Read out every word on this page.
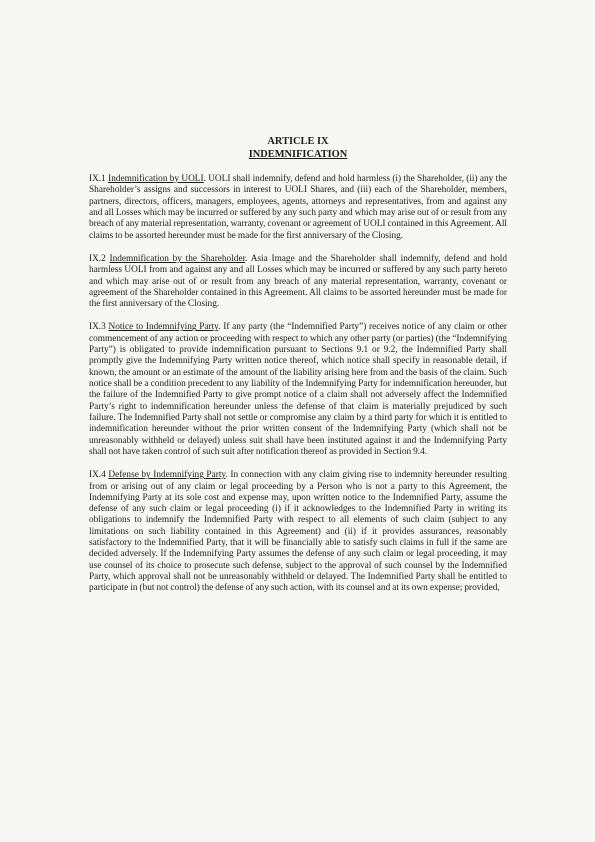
ARTICLE IX
INDEMNIFICATION

IX.1 Indemnification by UOLI. UOLI shall indemnify, defend and hold harmless (i) the Shareholder, (ii) any the Shareholder’s assigns and successors in interest to UOLI Shares, and (iii) each of the Shareholder, members, partners, directors, officers, managers, employees, agents, attorneys and representatives, from and against any and all Losses which may be incurred or suffered by any such party and which may arise out of or result from any breach of any material representation, warranty, covenant or agreement of UOLI contained in this Agreement. All claims to be assorted hereunder must be made for the first anniversary of the Closing.

IX.2 Indemnification by the Shareholder. Asia Image and the Shareholder shall indemnify, defend and hold harmless UOLI from and against any and all Losses which may be incurred or suffered by any such party hereto and which may arise out of or result from any breach of any material representation, warranty, covenant or agreement of the Shareholder contained in this Agreement. All claims to be assorted hereunder must be made for the first anniversary of the Closing.

IX.3 Notice to Indemnifying Party. If any party (the “Indemnified Party”) receives notice of any claim or other commencement of any action or proceeding with respect to which any other party (or parties) (the “Indemnifying Party”) is obligated to provide indemnification pursuant to Sections 9.1 or 9.2, the Indemnified Party shall promptly give the Indemnifying Party written notice thereof, which notice shall specify in reasonable detail, if known, the amount or an estimate of the amount of the liability arising here from and the basis of the claim. Such notice shall be a condition precedent to any liability of the Indemnifying Party for indemnification hereunder, but the failure of the Indemnified Party to give prompt notice of a claim shall not adversely affect the Indemnified Party’s right to indemnification hereunder unless the defense of that claim is materially prejudiced by such failure. The Indemnified Party shall not settle or compromise any claim by a third party for which it is entitled to indemnification hereunder without the prior written consent of the Indemnifying Party (which shall not be unreasonably withheld or delayed) unless suit shall have been instituted against it and the Indemnifying Party shall not have taken control of such suit after notification thereof as provided in Section 9.4.

IX.4 Defense by Indemnifying Party. In connection with any claim giving rise to indemnity hereunder resulting from or arising out of any claim or legal proceeding by a Person who is not a party to this Agreement, the Indemnifying Party at its sole cost and expense may, upon written notice to the Indemnified Party, assume the defense of any such claim or legal proceeding (i) if it acknowledges to the Indemnified Party in writing its obligations to indemnify the Indemnified Party with respect to all elements of such claim (subject to any limitations on such liability contained in this Agreement) and (ii) if it provides assurances, reasonably satisfactory to the Indemnified Party, that it will be financially able to satisfy such claims in full if the same are decided adversely. If the Indemnifying Party assumes the defense of any such claim or legal proceeding, it may use counsel of its choice to prosecute such defense, subject to the approval of such counsel by the Indemnified Party, which approval shall not be unreasonably withheld or delayed. The Indemnified Party shall be entitled to participate in (but not control) the defense of any such action, with its counsel and at its own expense; provided,
